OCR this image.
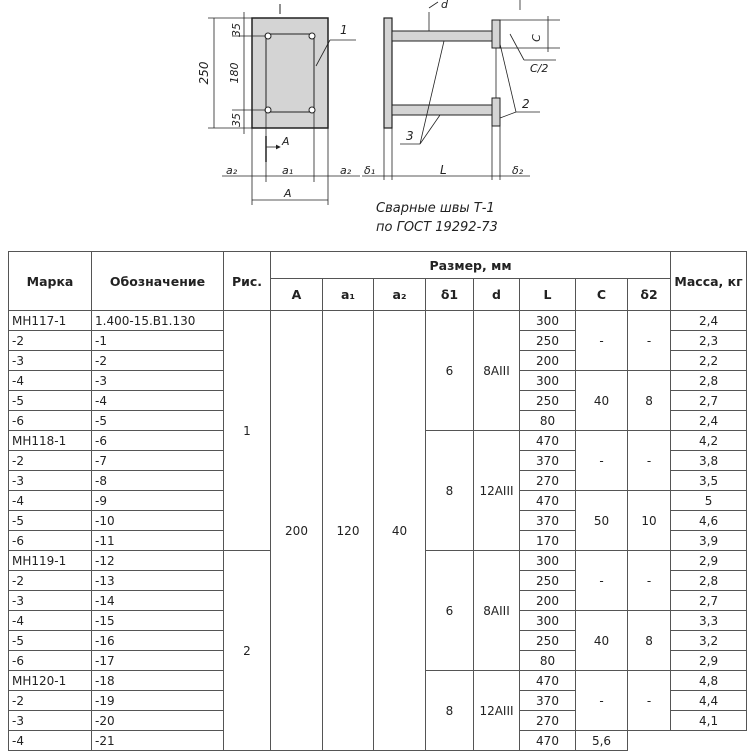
35
180
35
250
1
A
a₂	a₁	a₂
A
δ₁	L	δ₂
d
C
C/2
2
3
Сварные швы Т-1
по ГОСТ 19292-73
Марка	Обозначение	Рис.	Размер, мм								Масса, кг
			A	a₁	a₂	δ1	d	L	C	δ2	
МН117-1	1.400-15.В1.130	1	200	120	40	6	8AIII	300	-	-	2,4
-2	-1							250			2,3
-3	-2							200			2,2
-4	-3							300	40	8	2,8
-5	-4							250			2,7
-6	-5							80			2,4
МН118-1	-6					8	12AIII	470	-	-	4,2
-2	-7							370			3,8
-3	-8							270			3,5
-4	-9							470	50	10	5
-5	-10							370			4,6
-6	-11							170			3,9
МН119-1	-12	2				6	8AIII	300	-	-	2,9
-2	-13							250			2,8
-3	-14							200			2,7
-4	-15							300	40	8	3,3
-5	-16							250			3,2
-6	-17							80			2,9
МН120-1	-18					8	12AIII	470	-	-	4,8
-2	-19							370			4,4
-3	-20							270			4,1
-4	-21							470	5,6		
